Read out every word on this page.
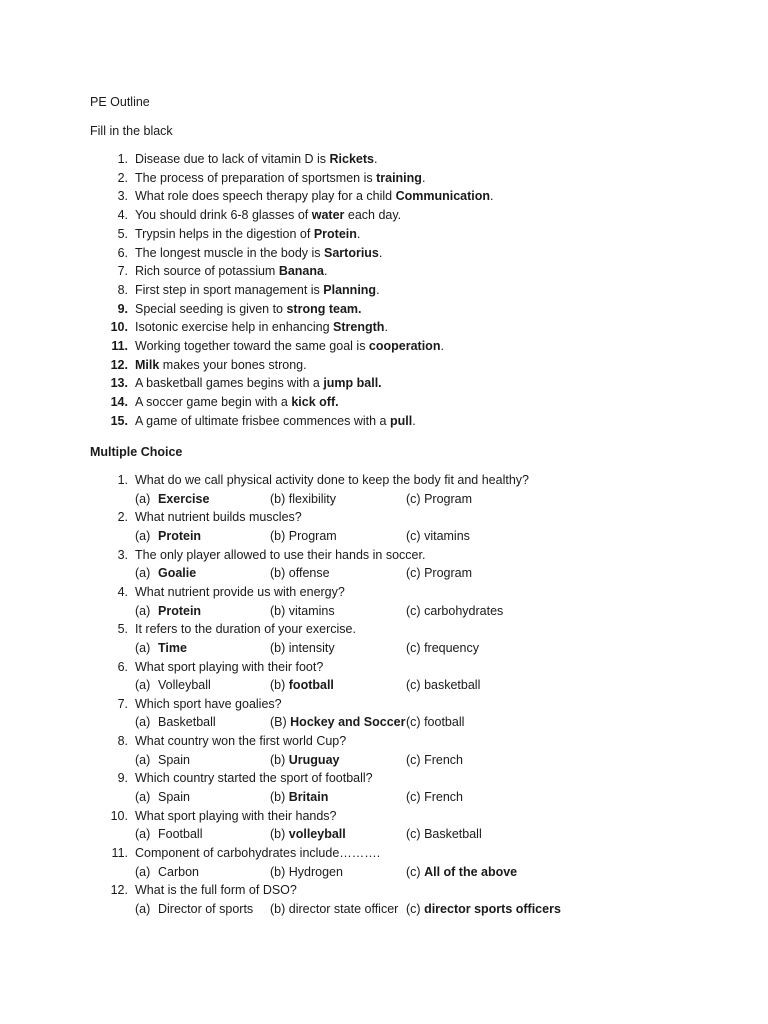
PE Outline
Fill in the black
1. Disease due to lack of vitamin D is Rickets.
2. The process of preparation of sportsmen is training.
3. What role does speech therapy play for a child Communication.
4. You should drink 6-8 glasses of water each day.
5. Trypsin helps in the digestion of Protein.
6. The longest muscle in the body is Sartorius.
7. Rich source of potassium Banana.
8. First step in sport management is Planning.
9. Special seeding is given to strong team.
10. Isotonic exercise help in enhancing Strength.
11. Working together toward the same goal is cooperation.
12. Milk makes your bones strong.
13. A basketball games begins with a jump ball.
14. A soccer game begin with a kick off.
15. A game of ultimate frisbee commences with a pull.
Multiple Choice
1. What do we call physical activity done to keep the body fit and healthy?
(a) Exercise	(b) flexibility	(c) Program
2. What nutrient builds muscles?
(a) Protein	(b) Program	(c) vitamins
3. The only player allowed to use their hands in soccer.
(a) Goalie	(b) offense	(c) Program
4. What nutrient provide us with energy?
(a) Protein	(b) vitamins	(c) carbohydrates
5. It refers to the duration of your exercise.
(a) Time	(b) intensity	(c) frequency
6. What sport playing with their foot?
(a) Volleyball	(b) football	(c) basketball
7. Which sport have goalies?
(a) Basketball	(B) Hockey and Soccer (c) football
8. What country won the first world Cup?
(a) Spain	(b) Uruguay	(c) French
9. Which country started the sport of football?
(a) Spain	(b) Britain	(c) French
10. What sport playing with their hands?
(a) Football	(b) volleyball	(c) Basketball
11. Component of carbohydrates include……….
(a) Carbon	(b) Hydrogen	(c) All of the above
12. What is the full form of DSO?
(a) Director of sports (b) director state officer (c) director sports officers
